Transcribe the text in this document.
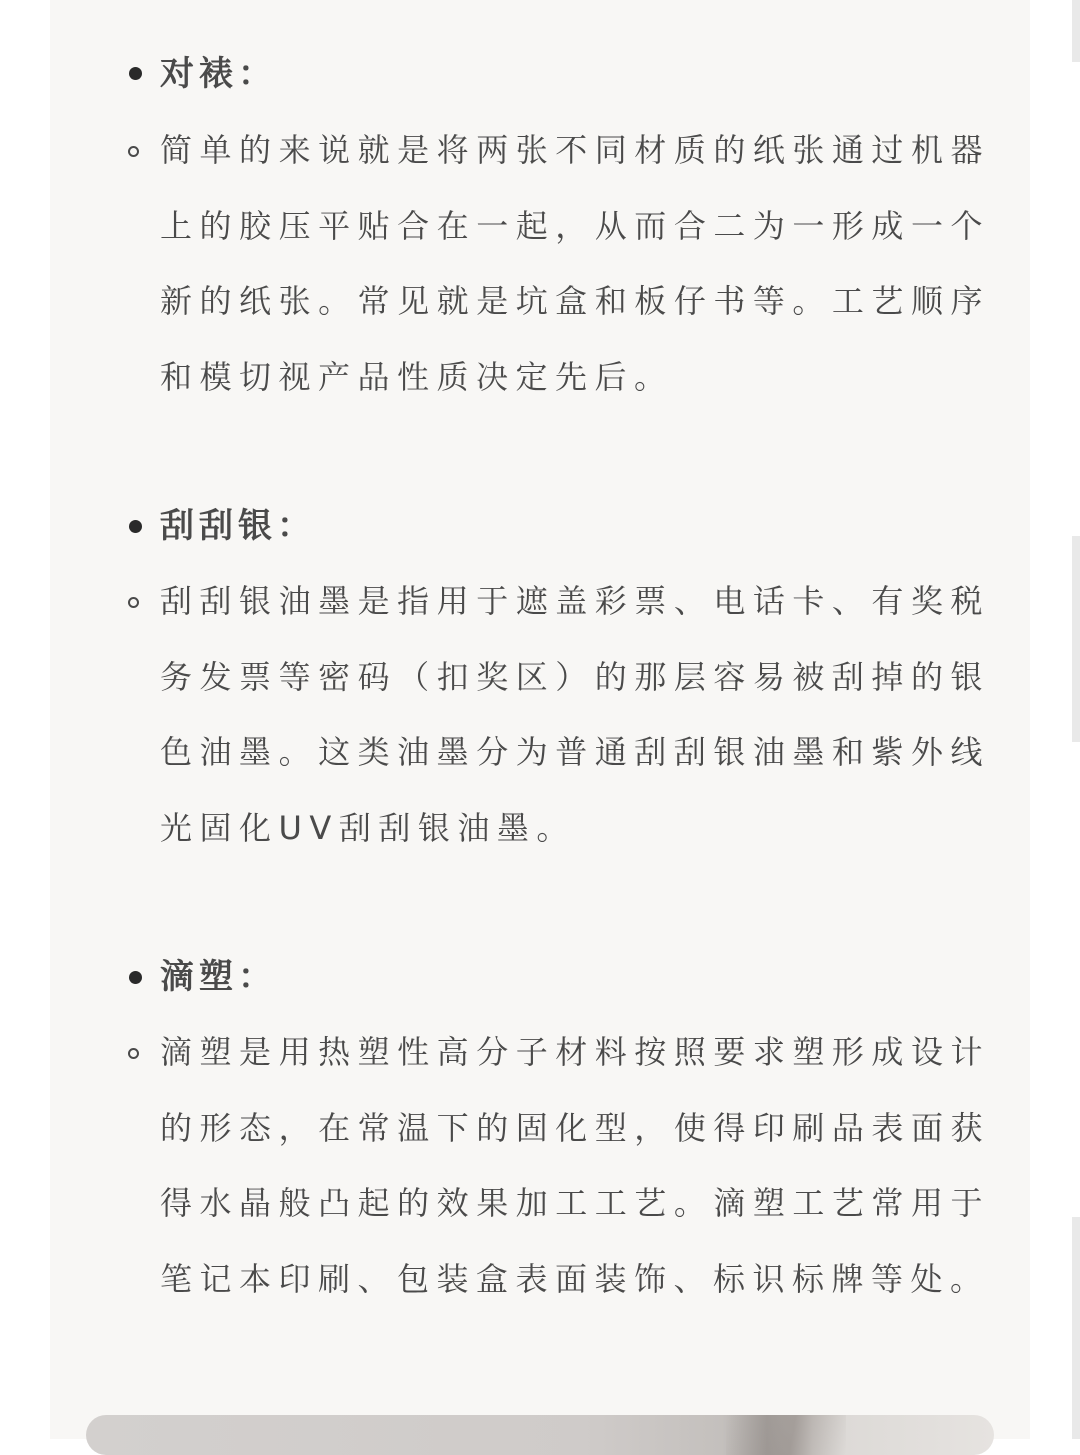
对裱：

简单的来说就是将两张不同材质的纸张通过机器上的胶压平贴合在一起，从而合二为一形成一个新的纸张。常见就是坑盒和板仔书等。工艺顺序和模切视产品性质决定先后。

刮刮银：

刮刮银油墨是指用于遮盖彩票、电话卡、有奖税务发票等密码（扣奖区）的那层容易被刮掉的银色油墨。这类油墨分为普通刮刮银油墨和紫外线光固化UV刮刮银油墨。

滴塑：

滴塑是用热塑性高分子材料按照要求塑形成设计的形态，在常温下的固化型，使得印刷品表面获得水晶般凸起的效果加工工艺。滴塑工艺常用于笔记本印刷、包装盒表面装饰、标识标牌等处。
